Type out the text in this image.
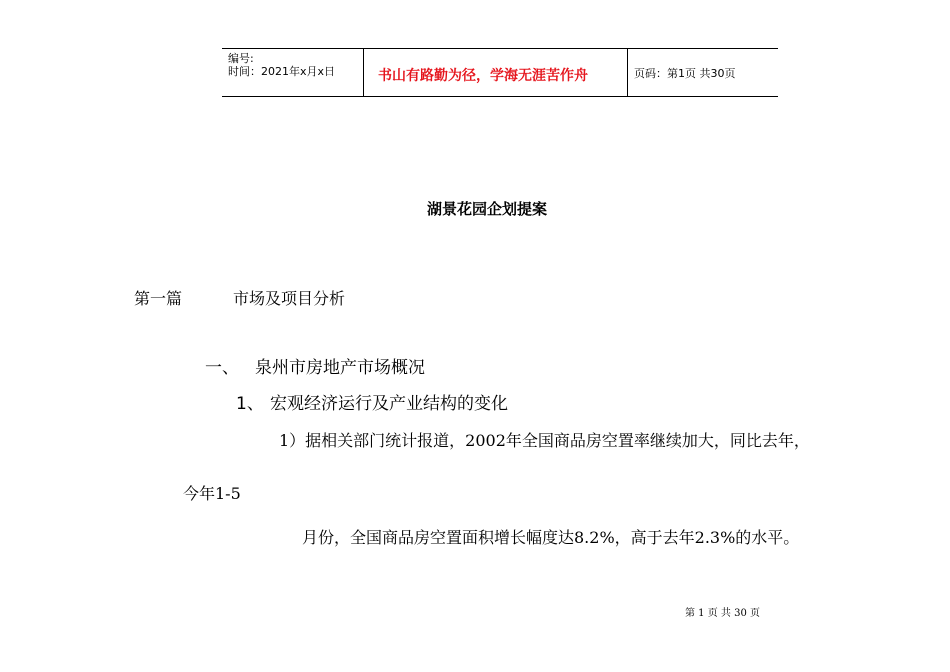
编号:
时间：2021年x月x日	书山有路勤为径，学海无涯苦作舟	页码：第1页 共30页
湖景花园企划提案
第一篇	市场及项目分析
一、 泉州市房地产市场概况
1、 宏观经济运行及产业结构的变化
1）据相关部门统计报道，2002年全国商品房空置率继续加大，同比去年，
今年1-5
月份，全国商品房空置面积增长幅度达8.2%，高于去年2.3%的水平。
第 1 页 共 30 页
